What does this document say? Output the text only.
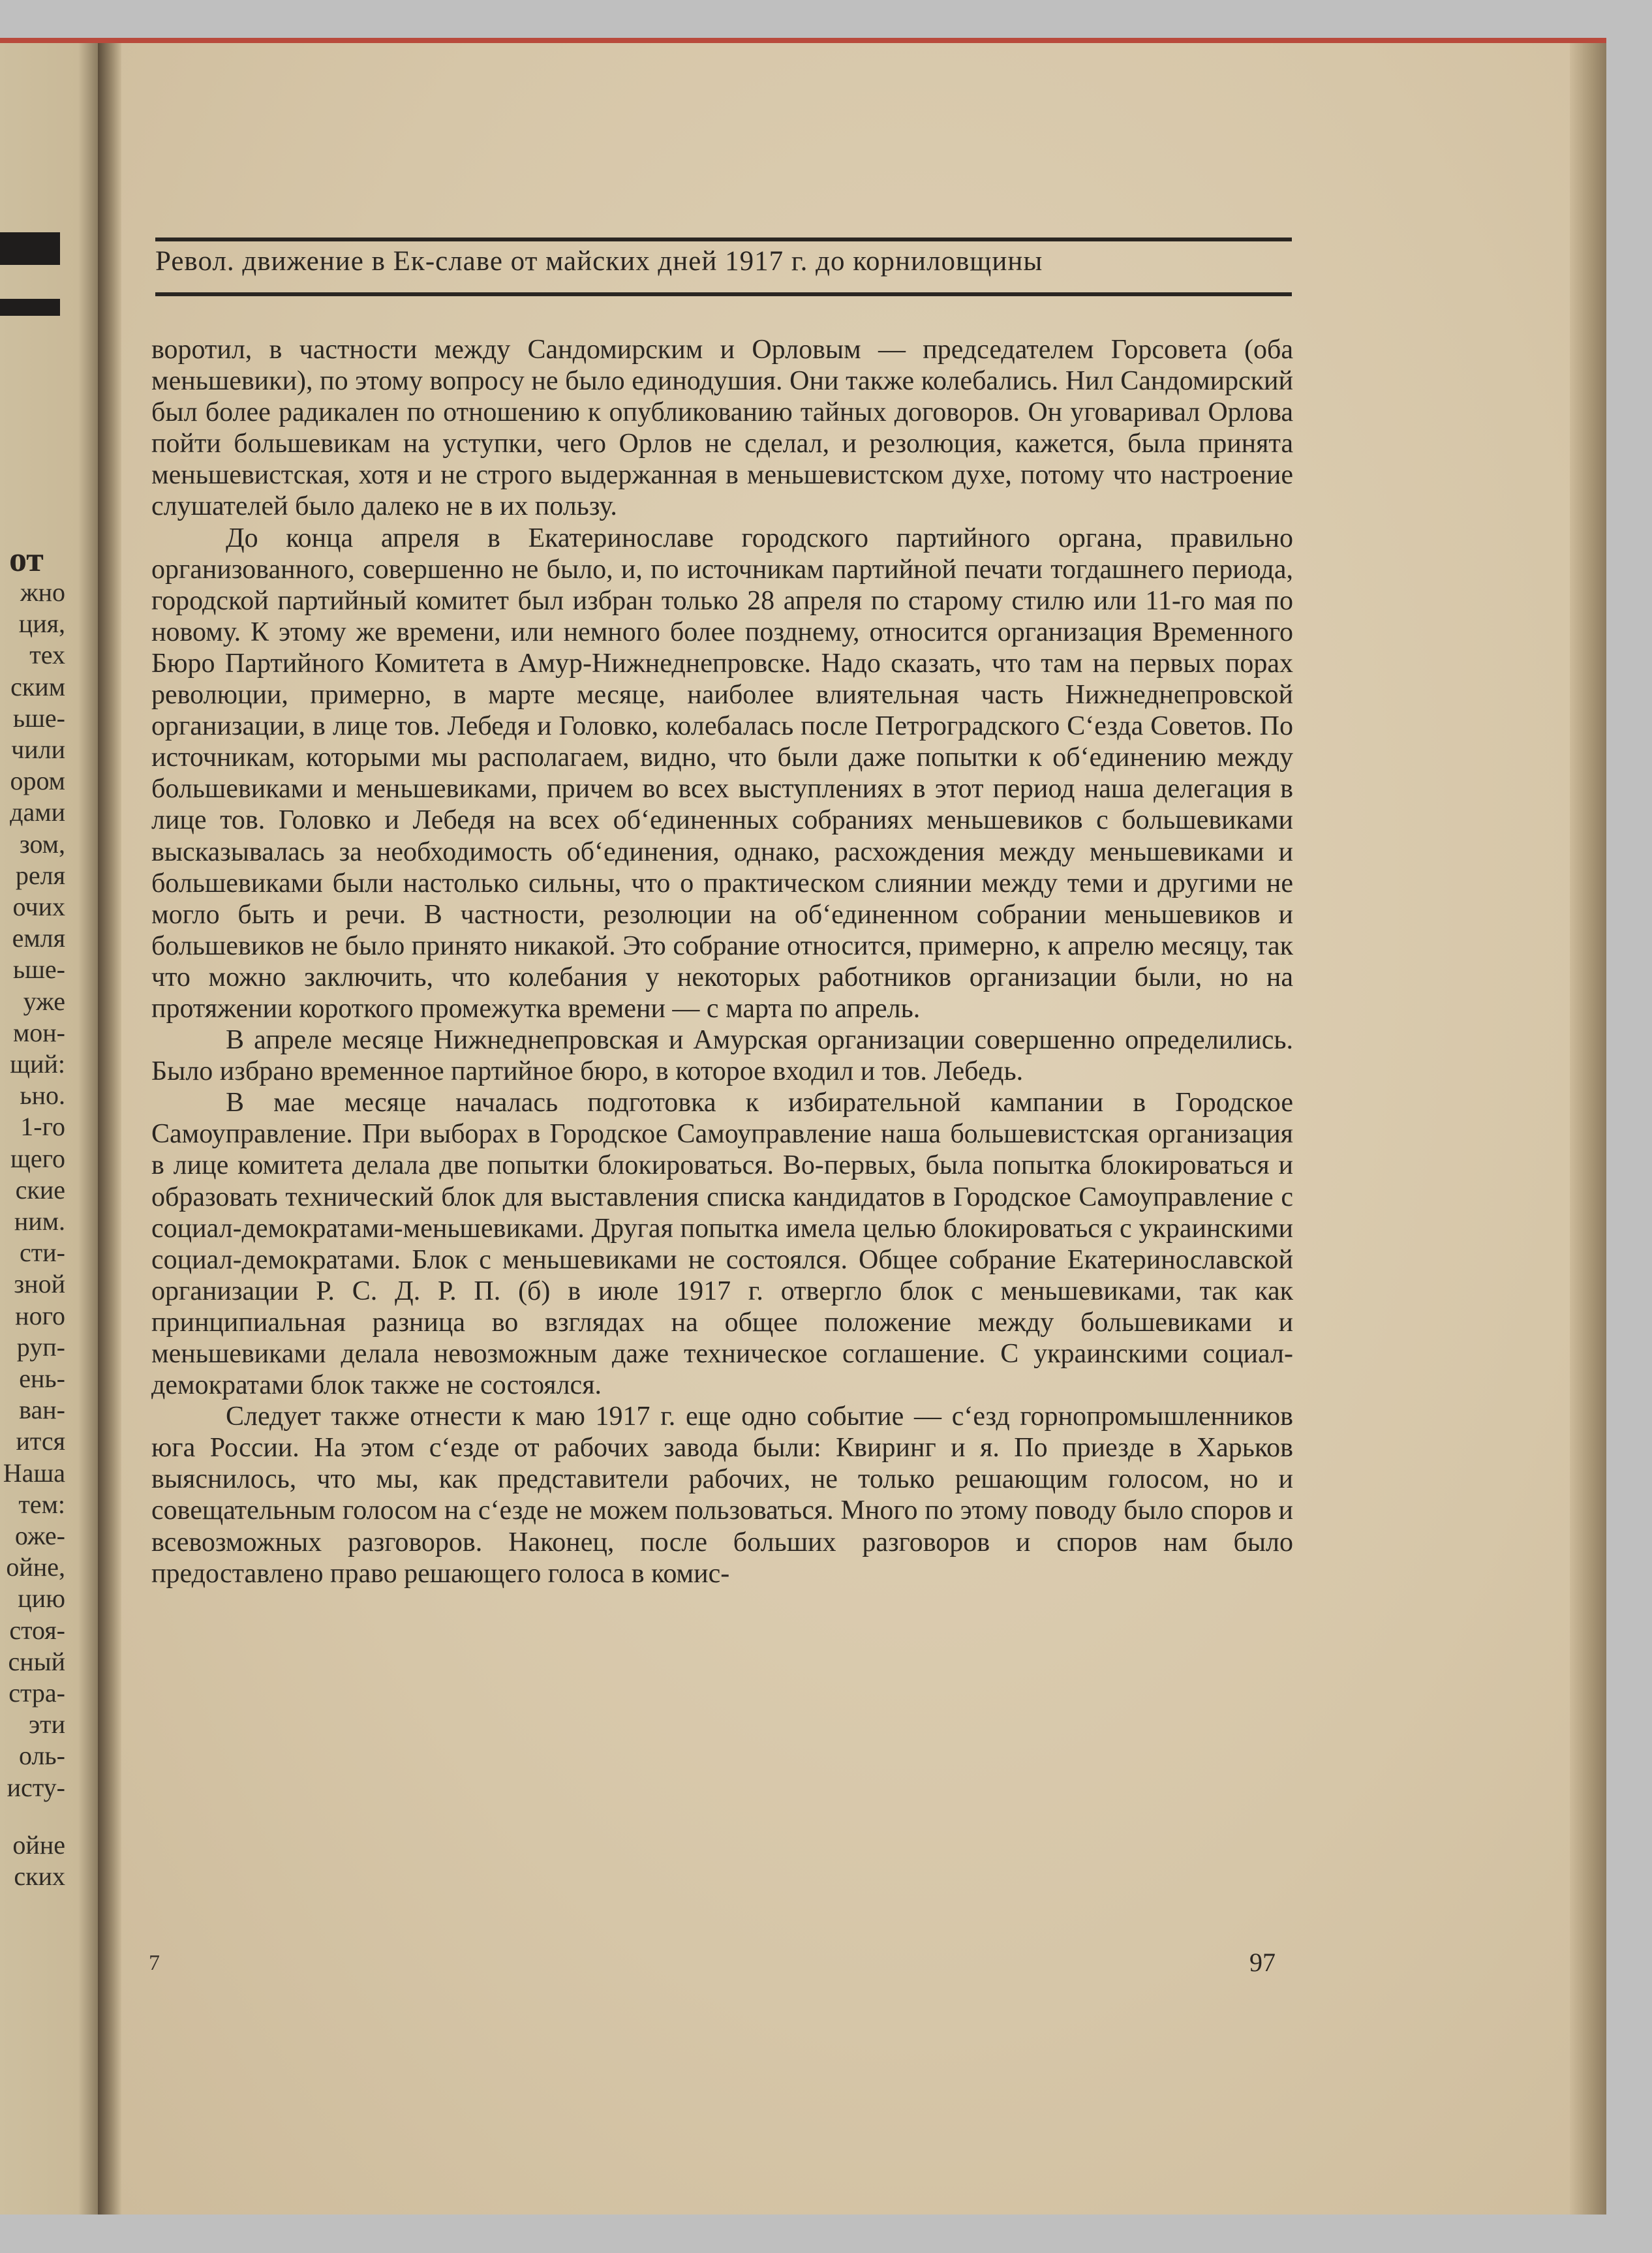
от
жно
ция,
тех
ским
ьше-
чили
ором
дами
зом,
реля
очих
емля
ьше-
уже
мон-
щий:
ьно.
1-го
щего
ские
ним.
сти-
зной
ного
руп-
ень-
ван-
ится
Наша
тем:
оже-
ойне,
цию
стоя-
сный
стра-
эти
оль-
исту-
ойне
ских
Револ. движение в Ек-славе от майских дней 1917 г. до корниловщины

воротил, в частности между Сандомирским и Орловым — председателем Горсовета (оба меньшевики), по этому вопросу не было единодушия. Они также колебались. Нил Сандомирский был более радикален по отношению к опубликованию тайных договоров. Он уговаривал Орлова пойти большевикам на уступки, чего Орлов не сделал, и резолюция, кажется, была принята меньшевистская, хотя и не строго выдержанная в меньшевистском духе, потому что настроение слушателей было далеко не в их пользу.

До конца апреля в Екатеринославе городского партийного органа, правильно организованного, совершенно не было, и, по источникам партийной печати тогдашнего периода, городской партийный комитет был избран только 28 апреля по старому стилю или 11-го мая по новому. К этому же времени, или немного более позднему, относится организация Временного Бюро Партийного Комитета в Амур-Нижнеднепровске. Надо сказать, что там на первых порах революции, примерно, в марте месяце, наиболее влиятельная часть Нижнеднепровской организации, в лице тов. Лебедя и Головко, колебалась после Петроградского С‘езда Советов. По источникам, которыми мы располагаем, видно, что были даже попытки к об‘единению между большевиками и меньшевиками, причем во всех выступлениях в этот период наша делегация в лице тов. Головко и Лебедя на всех об‘единенных собраниях меньшевиков с большевиками высказывалась за необходимость об‘единения, однако, расхождения между меньшевиками и большевиками были настолько сильны, что о практическом слиянии между теми и другими не могло быть и речи. В частности, резолюции на об‘единенном собрании меньшевиков и большевиков не было принято никакой. Это собрание относится, примерно, к апрелю месяцу, так что можно заключить, что колебания у некоторых работников организации были, но на протяжении короткого промежутка времени — с марта по апрель.

В апреле месяце Нижнеднепровская и Амурская организации совершенно определились. Было избрано временное партийное бюро, в которое входил и тов. Лебедь.

В мае месяце началась подготовка к избирательной кампании в Городское Самоуправление. При выборах в Городское Самоуправление наша большевистская организация в лице комитета делала две попытки блокироваться. Во-первых, была попытка блокироваться и образовать технический блок для выставления списка кандидатов в Городское Самоуправление с социал-демократами-меньшевиками. Другая попытка имела целью блокироваться с украинскими социал-демократами. Блок с меньшевиками не состоялся. Общее собрание Екатеринославской организации Р. С. Д. Р. П. (б) в июле 1917 г. отвергло блок с меньшевиками, так как принципиальная разница во взглядах на общее положение между большевиками и меньшевиками делала невозможным даже техническое соглашение. С украинскими социал-демократами блок также не состоялся.

Следует также отнести к маю 1917 г. еще одно событие — с‘езд горнопромышленников юга России. На этом с‘езде от рабочих завода были: Квиринг и я. По приезде в Харьков выяснилось, что мы, как представители рабочих, не только решающим голосом, но и совещательным голосом на с‘езде не можем пользоваться. Много по этому поводу было споров и всевозможных разговоров. Наконец, после больших разговоров и споров нам было предоставлено право решающего голоса в комис-

7	97
